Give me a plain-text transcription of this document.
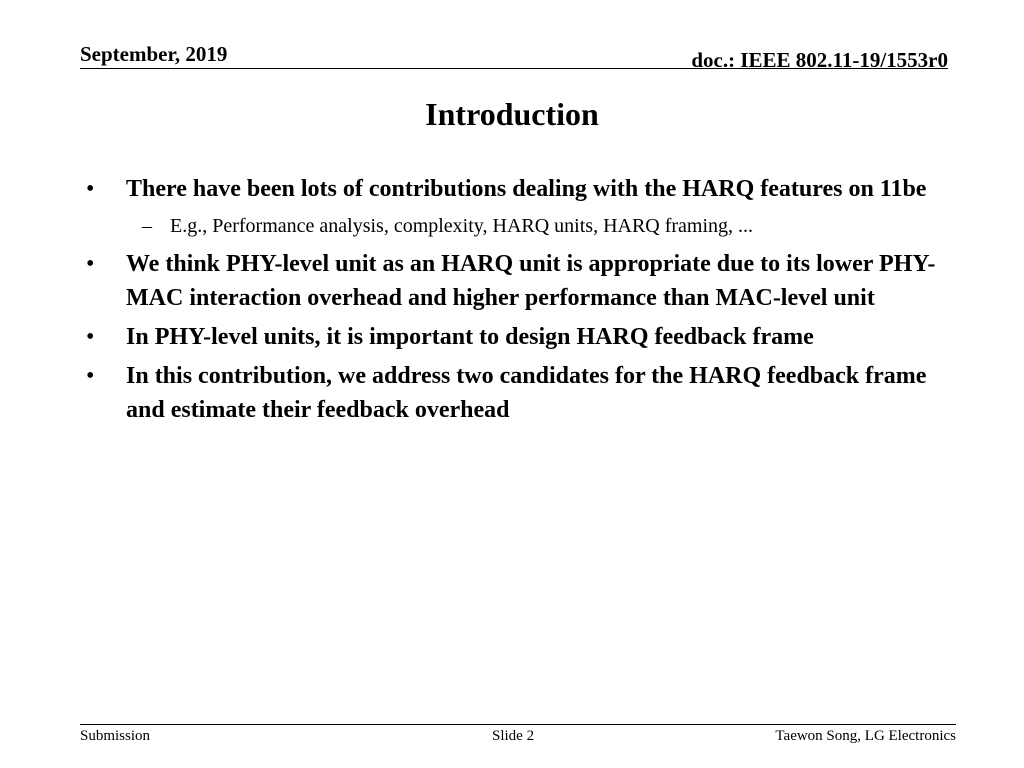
September, 2019	doc.: IEEE 802.11-19/1553r0
Introduction
• There have been lots of contributions dealing with the HARQ features on 11be
– E.g., Performance analysis, complexity, HARQ units, HARQ framing, ...
• We think PHY-level unit as an HARQ unit is appropriate due to its lower PHY-MAC interaction overhead and higher performance than MAC-level unit
• In PHY-level units, it is important to design HARQ feedback frame
• In this contribution, we address two candidates for the HARQ feedback frame and estimate their feedback overhead
Submission	Slide 2	Taewon Song, LG Electronics
